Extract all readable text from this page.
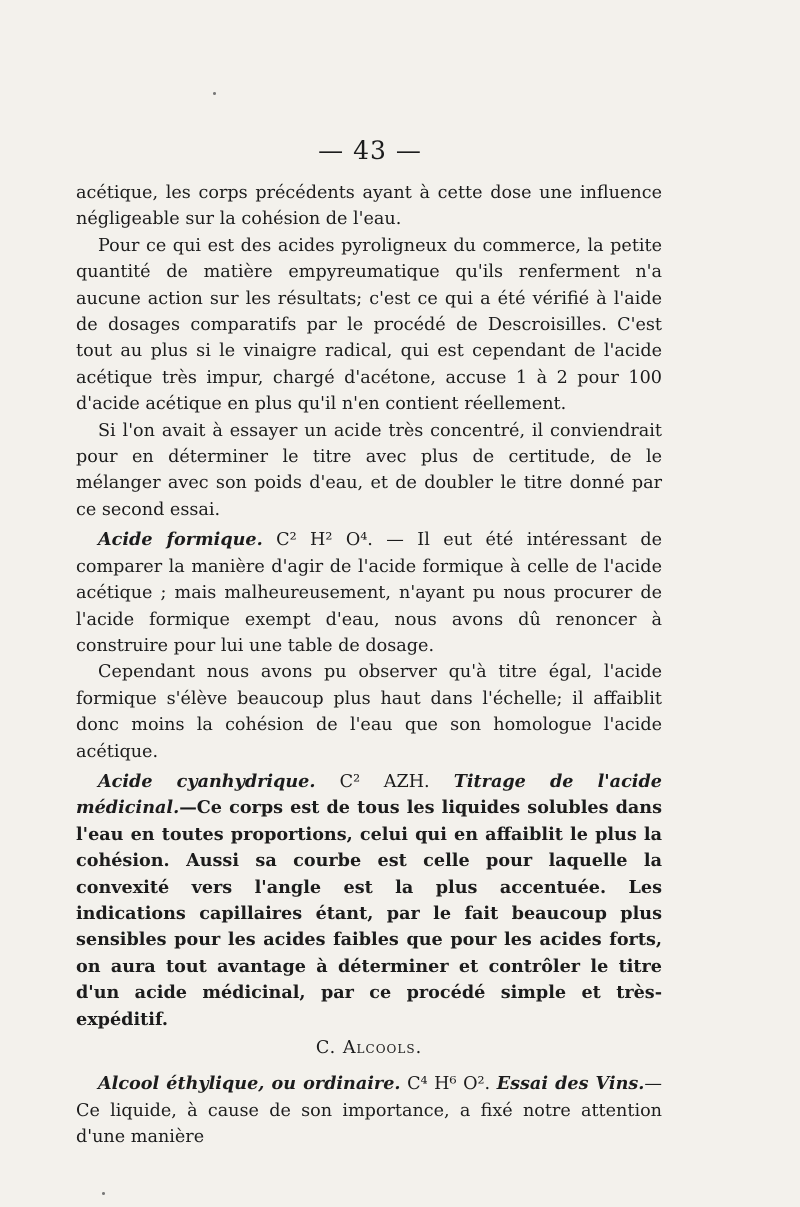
— 43 —

acétique, les corps précédents ayant à cette dose une influence négligeable sur la cohésion de l'eau.

Pour ce qui est des acides pyroligneux du commerce, la petite quantité de matière empyreumatique qu'ils renferment n'a aucune action sur les résultats; c'est ce qui a été vérifié à l'aide de dosages comparatifs par le procédé de Descroisilles. C'est tout au plus si le vinaigre radical, qui est cependant de l'acide acétique très impur, chargé d'acétone, accuse 1 à 2 pour 100 d'acide acétique en plus qu'il n'en contient réellement.

Si l'on avait à essayer un acide très concentré, il conviendrait pour en déterminer le titre avec plus de certitude, de le mélanger avec son poids d'eau, et de doubler le titre donné par ce second essai.

Acide formique. C² H² O⁴. — Il eut été intéressant de comparer la manière d'agir de l'acide formique à celle de l'acide acétique ; mais malheureusement, n'ayant pu nous procurer de l'acide formique exempt d'eau, nous avons dû renoncer à construire pour lui une table de dosage.

Cependant nous avons pu observer qu'à titre égal, l'acide formique s'élève beaucoup plus haut dans l'échelle; il affaiblit donc moins la cohésion de l'eau que son homologue l'acide acétique.

Acide cyanhydrique. C² AZH. Titrage de l'acide médicinal.—Ce corps est de tous les liquides solubles dans l'eau en toutes proportions, celui qui en affaiblit le plus la cohésion. Aussi sa courbe est celle pour laquelle la convexité vers l'angle est la plus accentuée. Les indications capillaires étant, par le fait beaucoup plus sensibles pour les acides faibles que pour les acides forts, on aura tout avantage à déterminer et contrôler le titre d'un acide médicinal, par ce procédé simple et très-expéditif.

C. Alcools.

Alcool éthylique, ou ordinaire. C⁴ H⁶ O². Essai des Vins.—Ce liquide, à cause de son importance, a fixé notre attention d'une manière
